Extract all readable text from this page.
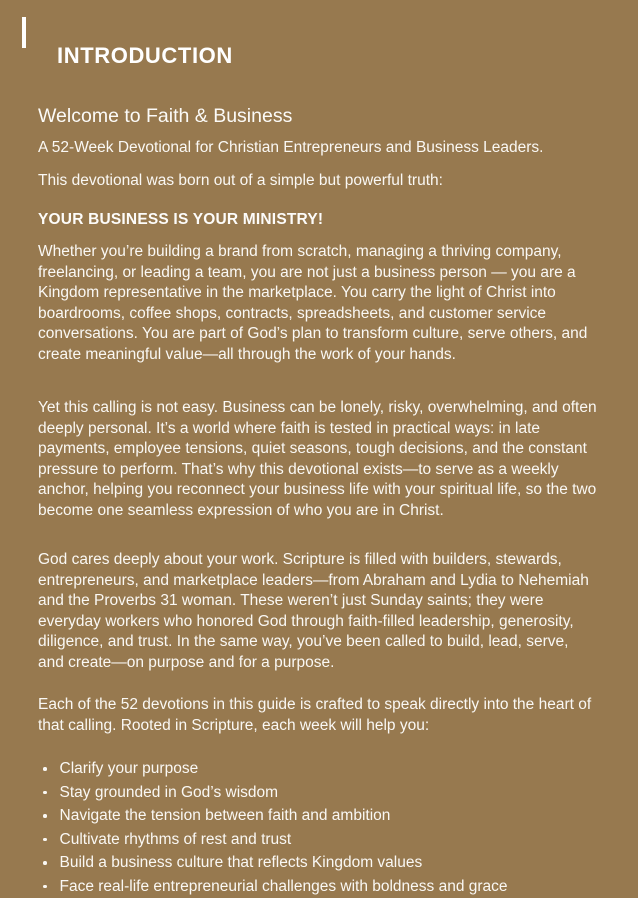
INTRODUCTION
Welcome to Faith & Business

A 52-Week Devotional for Christian Entrepreneurs and Business Leaders.

This devotional was born out of a simple but powerful truth:

YOUR BUSINESS IS YOUR MINISTRY!

Whether you’re building a brand from scratch, managing a thriving company, freelancing, or leading a team, you are not just a business person — you are a Kingdom representative in the marketplace. You carry the light of Christ into boardrooms, coffee shops, contracts, spreadsheets, and customer service conversations. You are part of God’s plan to transform culture, serve others, and create meaningful value—all through the work of your hands.

Yet this calling is not easy. Business can be lonely, risky, overwhelming, and often deeply personal. It’s a world where faith is tested in practical ways: in late payments, employee tensions, quiet seasons, tough decisions, and the constant pressure to perform. That’s why this devotional exists—to serve as a weekly anchor, helping you reconnect your business life with your spiritual life, so the two become one seamless expression of who you are in Christ.

God cares deeply about your work. Scripture is filled with builders, stewards, entrepreneurs, and marketplace leaders—from Abraham and Lydia to Nehemiah and the Proverbs 31 woman. These weren’t just Sunday saints; they were everyday workers who honored God through faith-filled leadership, generosity, diligence, and trust. In the same way, you’ve been called to build, lead, serve, and create—on purpose and for a purpose.

Each of the 52 devotions in this guide is crafted to speak directly into the heart of that calling. Rooted in Scripture, each week will help you:

Clarify your purpose
Stay grounded in God’s wisdom
Navigate the tension between faith and ambition
Cultivate rhythms of rest and trust
Build a business culture that reflects Kingdom values
Face real-life entrepreneurial challenges with boldness and grace
